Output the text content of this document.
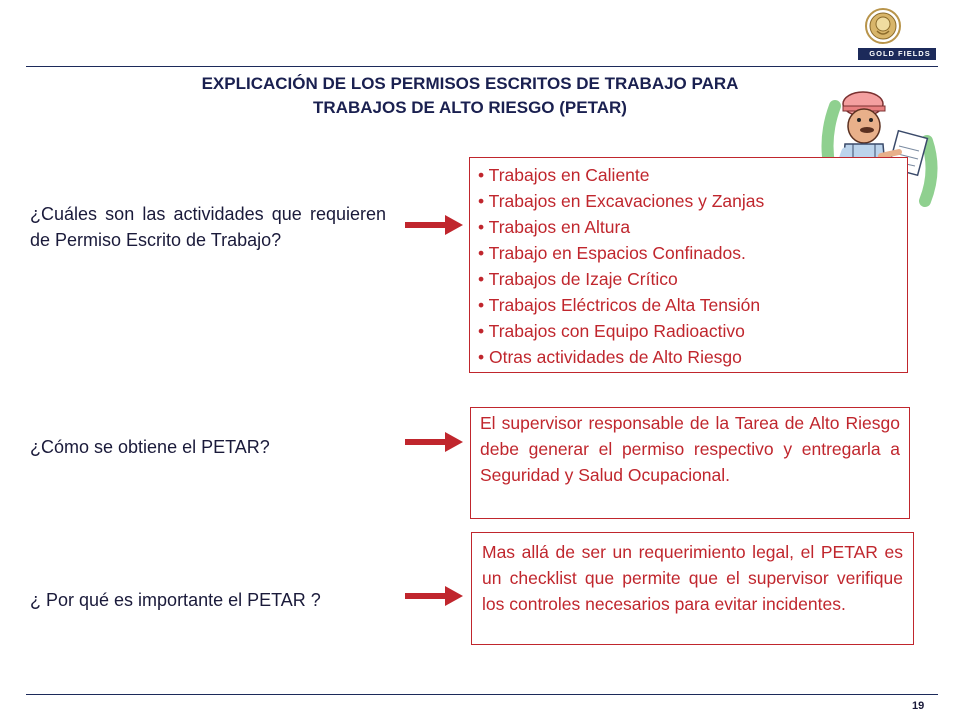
GOLD FIELDS
EXPLICACIÓN DE LOS PERMISOS ESCRITOS DE TRABAJO PARA
TRABAJOS DE ALTO RIESGO (PETAR)
¿Cuáles son las actividades que requieren de Permiso Escrito de Trabajo?
• Trabajos en Caliente
• Trabajos en Excavaciones y Zanjas
• Trabajos en Altura
• Trabajo en Espacios Confinados.
• Trabajos de Izaje Crítico
• Trabajos Eléctricos de Alta Tensión
• Trabajos con Equipo Radioactivo
• Otras actividades de Alto Riesgo
¿Cómo se obtiene el PETAR?
El supervisor responsable de la Tarea de Alto Riesgo debe generar el permiso respectivo y entregarla a Seguridad y Salud Ocupacional.
¿ Por qué es importante el PETAR ?
Mas allá de ser un requerimiento legal, el PETAR es un checklist que permite que el supervisor verifique los controles necesarios para evitar incidentes.
19
